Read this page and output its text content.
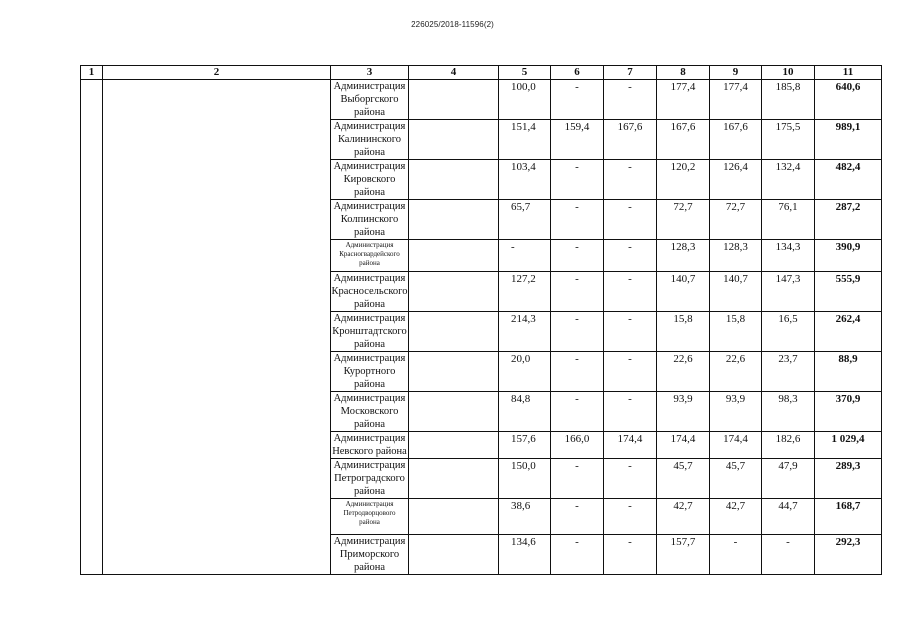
226025/2018-11596(2)
1	2	3	4	5	6	7	8	9	10	11

		Администрация
Выборгского
района		100,0	-	-	177,4	177,4	185,8	640,6

		Администрация
Калининского
района		151,4	159,4	167,6	167,6	167,6	175,5	989,1

		Администрация
Кировского
района		103,4	-	-	120,2	126,4	132,4	482,4

		Администрация
Колпинского
района		65,7	-	-	72,7	72,7	76,1	287,2

		Администрация
Красногвардейского
района		-	-	-	128,3	128,3	134,3	390,9

		Администрация
Красносельского
района		127,2	-	-	140,7	140,7	147,3	555,9

		Администрация
Кронштадтского
района		214,3	-	-	15,8	15,8	16,5	262,4

		Администрация
Курортного
района		20,0	-	-	22,6	22,6	23,7	88,9

		Администрация
Московского
района		84,8	-	-	93,9	93,9	98,3	370,9

		Администрация
Невского района		157,6	166,0	174,4	174,4	174,4	182,6	1 029,4

		Администрация
Петроградского
района		150,0	-	-	45,7	45,7	47,9	289,3

		Администрация
Петродворцового
района		38,6	-	-	42,7	42,7	44,7	168,7

		Администрация
Приморского
района		134,6	-	-	157,7	-	-	292,3
